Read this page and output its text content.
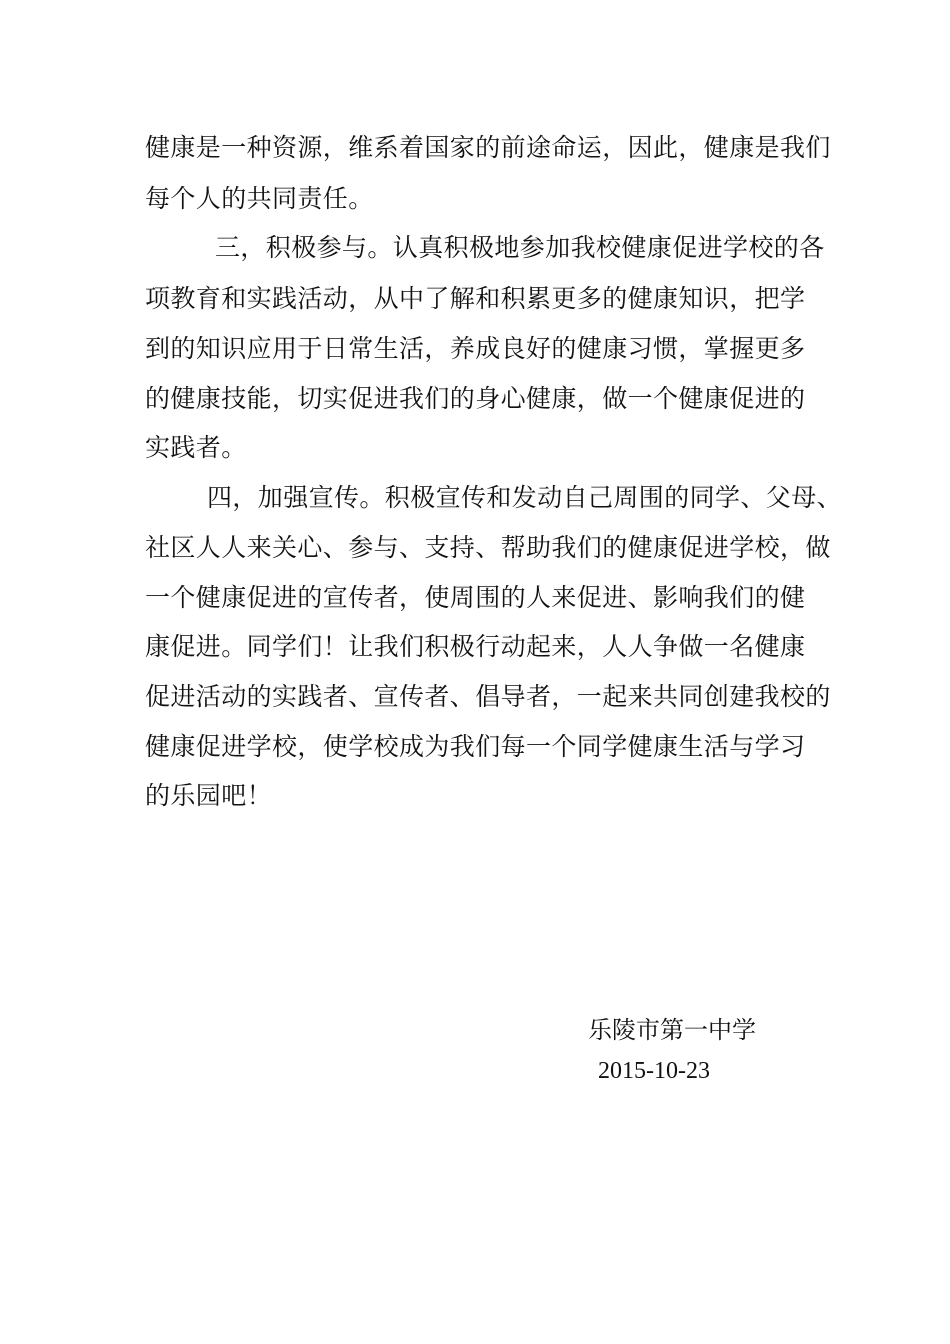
健康是一种资源，维系着国家的前途命运，因此，健康是我们
每个人的共同责任。
三，积极参与。认真积极地参加我校健康促进学校的各
项教育和实践活动，从中了解和积累更多的健康知识，把学
到的知识应用于日常生活，养成良好的健康习惯，掌握更多
的健康技能，切实促进我们的身心健康，做一个健康促进的
实践者。
四，加强宣传。积极宣传和发动自己周围的同学、父母、
社区人人来关心、参与、支持、帮助我们的健康促进学校，做
一个健康促进的宣传者，使周围的人来促进、影响我们的健
康促进。同学们！让我们积极行动起来，人人争做一名健康
促进活动的实践者、宣传者、倡导者，一起来共同创建我校的
健康促进学校，使学校成为我们每一个同学健康生活与学习
的乐园吧！
乐陵市第一中学
2015-10-23
